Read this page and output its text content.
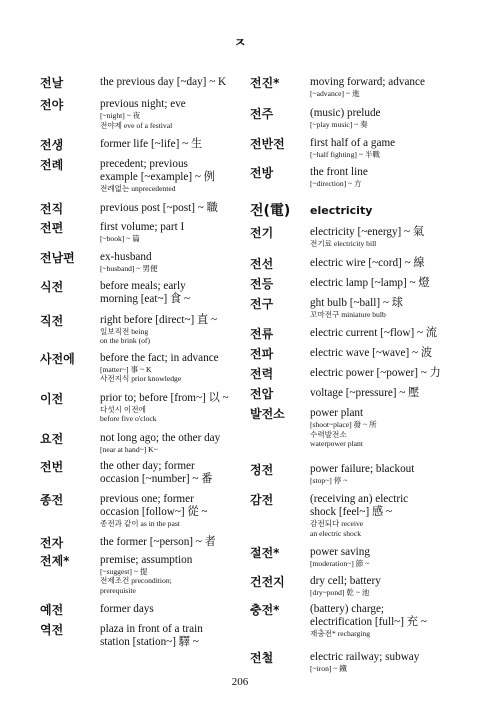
ㅈ
전날	the previous day [~day] ~ K
전야	previous night; eve
[~night] ~ 夜
전야제 eve of a festival
전생	former life [~life] ~ 生
전례	precedent; previous
example [~example] ~ 例
전례없는 unprecedented
전직	previous post [~post] ~ 職
전편	first volume; part I
[~book] ~ 篇
전남편	ex-husband
[~husband] ~ 男便
식전	before meals; early
morning [eat~] 食 ~
직전	right before [direct~] 直 ~
일보직전 being
on the brink (of)
사전에	before the fact; in advance
[matter~] 事 ~ K
사전지식 prior knowledge
이전	prior to; before [from~] 以 ~
다섯시 이전에
before five o'clock
요전	not long ago; the other day
[near at hand~] K~
전번	the other day; former
occasion [~number] ~ 番
종전	previous one; former
occasion [follow~] 從 ~
종전과 같이 as in the past
전자	the former [~person] ~ 者
전제*	premise; assumption
[~suggest] ~ 提
전제조건 precondition;
prerequisite
예전	former days
역전	plaza in front of a train
station [station~] 驛 ~
전진*	moving forward; advance
[~advance] ~ 進
전주	(music) prelude
[~play music] ~ 奏
전반전	first half of a game
[~half fighting] ~ 半戰
전방	the front line
[~direction] ~ 方
전(電)	electricity
전기	electricity [~energy] ~ 氣
전기료 electricity bill
전선	electric wire [~cord] ~ 線
전등	electric lamp [~lamp] ~ 燈
전구	ght bulb [~ball] ~ 球
꼬마전구 miniature bulb
전류	electric current [~flow] ~ 流
전파	electric wave [~wave] ~ 波
전력	electric power [~power] ~ 力
전압	voltage [~pressure] ~ 壓
발전소	power plant
[shoot~place] 發 ~ 所
수력발전소
waterpower plant
정전	power failure; blackout
[stop~] 停 ~
감전	(receiving an) electric
shock [feel~] 感 ~
감전되다 receive
an electric shock
절전*	power saving
[moderation~] 節 ~
건전지	dry cell; battery
[dry~pond] 乾 ~ 池
충전*	(battery) charge;
electrification [full~] 充 ~
재충전* recharging
전철	electric railway; subway
[~iron] ~ 鐵
206
